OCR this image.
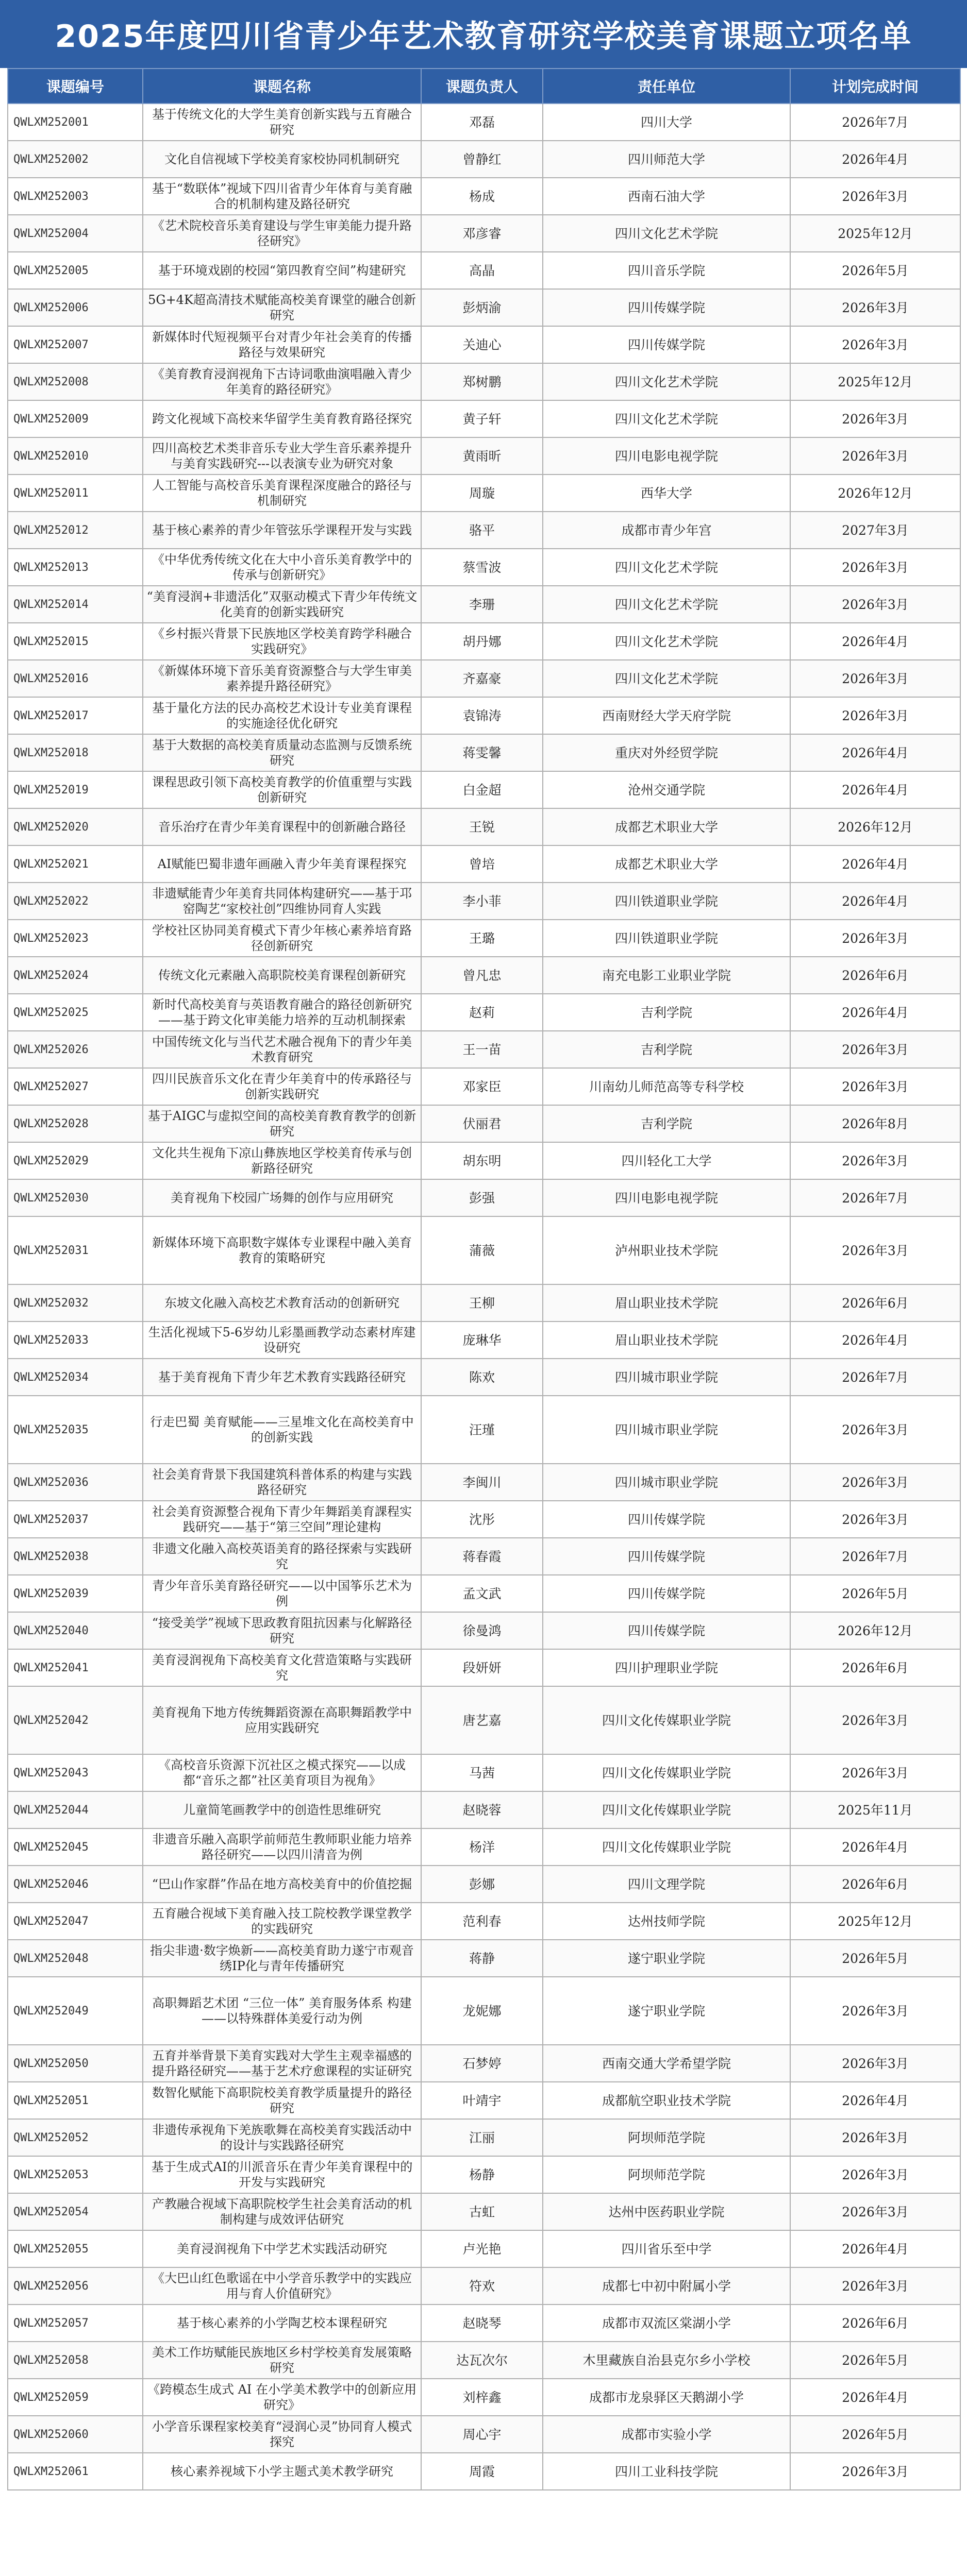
2025年度四川省青少年艺术教育研究学校美育课题立项名单
课题编号	课题名称	课题负责人	责任单位	计划完成时间
QWLXM252001	基于传统文化的大学生美育创新实践与五育融合研究	邓磊	四川大学	2026年7月
QWLXM252002	文化自信视域下学校美育家校协同机制研究	曾静红	四川师范大学	2026年4月
QWLXM252003	基于“数联体”视域下四川省青少年体育与美育融合的机制构建及路径研究	杨成	西南石油大学	2026年3月
QWLXM252004	《艺术院校音乐美育建设与学生审美能力提升路径研究》	邓彦睿	四川文化艺术学院	2025年12月
QWLXM252005	基于环境戏剧的校园“第四教育空间”构建研究	高晶	四川音乐学院	2026年5月
QWLXM252006	5G+4K超高清技术赋能高校美育课堂的融合创新研究	彭炳渝	四川传媒学院	2026年3月
QWLXM252007	新媒体时代短视频平台对青少年社会美育的传播路径与效果研究	关迪心	四川传媒学院	2026年3月
QWLXM252008	《美育教育浸润视角下古诗词歌曲演唱融入青少年美育的路径研究》	郑树鹏	四川文化艺术学院	2025年12月
QWLXM252009	跨文化视域下高校来华留学生美育教育路径探究	黄子轩	四川文化艺术学院	2026年3月
QWLXM252010	四川高校艺术类非音乐专业大学生音乐素养提升与美育实践研究---以表演专业为研究对象	黄雨昕	四川电影电视学院	2026年3月
QWLXM252011	人工智能与高校音乐美育课程深度融合的路径与机制研究	周璇	西华大学	2026年12月
QWLXM252012	基于核心素养的青少年管弦乐学课程开发与实践	骆平	成都市青少年宫	2027年3月
QWLXM252013	《中华优秀传统文化在大中小音乐美育教学中的传承与创新研究》	蔡雪波	四川文化艺术学院	2026年3月
QWLXM252014	“美育浸润+非遗活化”双驱动模式下青少年传统文化美育的创新实践研究	李珊	四川文化艺术学院	2026年3月
QWLXM252015	《乡村振兴背景下民族地区学校美育跨学科融合实践研究》	胡丹娜	四川文化艺术学院	2026年4月
QWLXM252016	《新媒体环境下音乐美育资源整合与大学生审美素养提升路径研究》	齐嘉豪	四川文化艺术学院	2026年3月
QWLXM252017	基于量化方法的民办高校艺术设计专业美育课程的实施途径优化研究	袁锦涛	西南财经大学天府学院	2026年3月
QWLXM252018	基于大数据的高校美育质量动态监测与反馈系统研究	蒋雯馨	重庆对外经贸学院	2026年4月
QWLXM252019	课程思政引领下高校美育教学的价值重塑与实践创新研究	白金超	沧州交通学院	2026年4月
QWLXM252020	音乐治疗在青少年美育课程中的创新融合路径	王锐	成都艺术职业大学	2026年12月
QWLXM252021	AI赋能巴蜀非遗年画融入青少年美育课程探究	曾培	成都艺术职业大学	2026年4月
QWLXM252022	非遗赋能青少年美育共同体构建研究——基于邛窑陶艺“家校社创”四维协同育人实践	李小菲	四川铁道职业学院	2026年4月
QWLXM252023	学校社区协同美育模式下青少年核心素养培育路径创新研究	王璐	四川铁道职业学院	2026年3月
QWLXM252024	传统文化元素融入高职院校美育课程创新研究	曾凡忠	南充电影工业职业学院	2026年6月
QWLXM252025	新时代高校美育与英语教育融合的路径创新研究——基于跨文化审美能力培养的互动机制探索	赵莉	吉利学院	2026年4月
QWLXM252026	中国传统文化与当代艺术融合视角下的青少年美术教育研究	王一苗	吉利学院	2026年3月
QWLXM252027	四川民族音乐文化在青少年美育中的传承路径与创新实践研究	邓家臣	川南幼儿师范高等专科学校	2026年3月
QWLXM252028	基于AIGC与虚拟空间的高校美育教育教学的创新研究	伏丽君	吉利学院	2026年8月
QWLXM252029	文化共生视角下凉山彝族地区学校美育传承与创新路径研究	胡东明	四川轻化工大学	2026年3月
QWLXM252030	美育视角下校园广场舞的创作与应用研究	彭强	四川电影电视学院	2026年7月
QWLXM252031	新媒体环境下高职数字媒体专业课程中融入美育教育的策略研究	蒲薇	泸州职业技术学院	2026年3月
QWLXM252032	东坡文化融入高校艺术教育活动的创新研究	王柳	眉山职业技术学院	2026年6月
QWLXM252033	生活化视域下5-6岁幼儿彩墨画教学动态素材库建设研究	庞琳华	眉山职业技术学院	2026年4月
QWLXM252034	基于美育视角下青少年艺术教育实践路径研究	陈欢	四川城市职业学院	2026年7月
QWLXM252035	行走巴蜀 美育赋能——三星堆文化在高校美育中的创新实践	汪瑾	四川城市职业学院	2026年3月
QWLXM252036	社会美育背景下我国建筑科普体系的构建与实践路径研究	李闽川	四川城市职业学院	2026年3月
QWLXM252037	社会美育资源整合视角下青少年舞蹈美育課程实践研究——基于“第三空间”理论建构	沈彤	四川传媒学院	2026年3月
QWLXM252038	非遗文化融入高校英语美育的路径探索与实践研究	蒋春霞	四川传媒学院	2026年7月
QWLXM252039	青少年音乐美育路径研究——以中国筝乐艺术为例	孟文武	四川传媒学院	2026年5月
QWLXM252040	“接受美学”视域下思政教育阻抗因素与化解路径研究	徐曼鸿	四川传媒学院	2026年12月
QWLXM252041	美育浸润视角下高校美育文化营造策略与实践研究	段妍妍	四川护理职业学院	2026年6月
QWLXM252042	美育视角下地方传统舞蹈资源在高职舞蹈教学中应用实践研究	唐艺嘉	四川文化传媒职业学院	2026年3月
QWLXM252043	《高校音乐资源下沉社区之模式探究——以成都“音乐之都”社区美育项目为视角》	马茜	四川文化传媒职业学院	2026年3月
QWLXM252044	儿童简笔画教学中的创造性思维研究	赵晓蓉	四川文化传媒职业学院	2025年11月
QWLXM252045	非遗音乐融入高职学前师范生教师职业能力培养路径研究——以四川清音为例	杨洋	四川文化传媒职业学院	2026年4月
QWLXM252046	“巴山作家群”作品在地方高校美育中的价值挖掘	彭娜	四川文理学院	2026年6月
QWLXM252047	五育融合视域下美育融入技工院校教学课堂教学的实践研究	范利春	达州技师学院	2025年12月
QWLXM252048	指尖非遗·数字焕新——高校美育助力遂宁市观音绣IP化与青年传播研究	蒋静	遂宁职业学院	2026年5月
QWLXM252049	高职舞蹈艺术团 “三位一体” 美育服务体系 构建——以特殊群体美爱行动为例	龙妮娜	遂宁职业学院	2026年3月
QWLXM252050	五育并举背景下美育实践对大学生主观幸福感的提升路径研究——基于艺术疗愈课程的实证研究	石梦婷	西南交通大学希望学院	2026年3月
QWLXM252051	数智化赋能下高职院校美育教学质量提升的路径研究	叶靖宇	成都航空职业技术学院	2026年4月
QWLXM252052	非遗传承视角下羌族歌舞在高校美育实践活动中的设计与实践路径研究	江丽	阿坝师范学院	2026年3月
QWLXM252053	基于生成式AI的川派音乐在青少年美育课程中的开发与实践研究	杨静	阿坝师范学院	2026年3月
QWLXM252054	产教融合视域下高职院校学生社会美育活动的机制构建与成效评估研究	古虹	达州中医药职业学院	2026年3月
QWLXM252055	美育浸润视角下中学艺术实践活动研究	卢光艳	四川省乐至中学	2026年4月
QWLXM252056	《大巴山红色歌谣在中小学音乐教学中的实践应用与育人价值研究》	符欢	成都七中初中附属小学	2026年3月
QWLXM252057	基于核心素养的小学陶艺校本课程研究	赵晓琴	成都市双流区棠湖小学	2026年6月
QWLXM252058	美术工作坊赋能民族地区乡村学校美育发展策略研究	达瓦次尔	木里藏族自治县克尔乡小学校	2026年5月
QWLXM252059	《跨模态生成式 AI 在小学美术教学中的创新应用研究》	刘梓鑫	成都市龙泉驿区天鹅湖小学	2026年4月
QWLXM252060	小学音乐课程家校美育“浸润心灵”协同育人模式探究	周心宇	成都市实验小学	2026年5月
QWLXM252061	核心素养视域下小学主题式美术教学研究	周霞	四川工业科技学院	2026年3月
